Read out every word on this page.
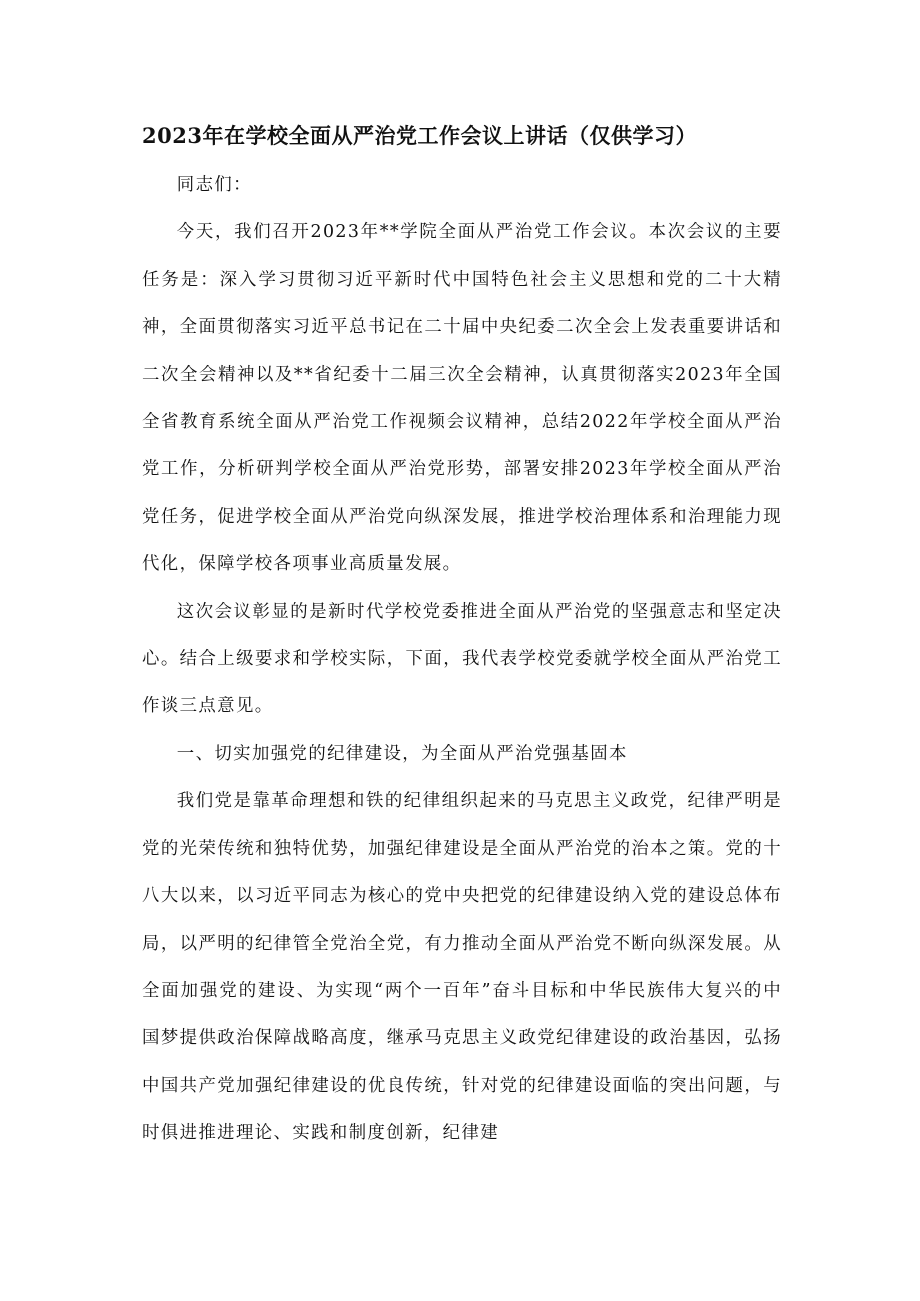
2023年在学校全面从严治党工作会议上讲话（仅供学习）

同志们：

今天，我们召开2023年**学院全面从严治党工作会议。本次会议的主要任务是：深入学习贯彻习近平新时代中国特色社会主义思想和党的二十大精神，全面贯彻落实习近平总书记在二十届中央纪委二次全会上发表重要讲话和二次全会精神以及**省纪委十二届三次全会精神，认真贯彻落实2023年全国全省教育系统全面从严治党工作视频会议精神，总结2022年学校全面从严治党工作，分析研判学校全面从严治党形势，部署安排2023年学校全面从严治党任务，促进学校全面从严治党向纵深发展，推进学校治理体系和治理能力现代化，保障学校各项事业高质量发展。

这次会议彰显的是新时代学校党委推进全面从严治党的坚强意志和坚定决心。结合上级要求和学校实际，下面，我代表学校党委就学校全面从严治党工作谈三点意见。

一、切实加强党的纪律建设，为全面从严治党强基固本

我们党是靠革命理想和铁的纪律组织起来的马克思主义政党，纪律严明是党的光荣传统和独特优势，加强纪律建设是全面从严治党的治本之策。党的十八大以来，以习近平同志为核心的党中央把党的纪律建设纳入党的建设总体布局，以严明的纪律管全党治全党，有力推动全面从严治党不断向纵深发展。从全面加强党的建设、为实现“两个一百年”奋斗目标和中华民族伟大复兴的中国梦提供政治保障战略高度，继承马克思主义政党纪律建设的政治基因，弘扬中国共产党加强纪律建设的优良传统，针对党的纪律建设面临的突出问题，与时俱进推进理论、实践和制度创新，纪律建
